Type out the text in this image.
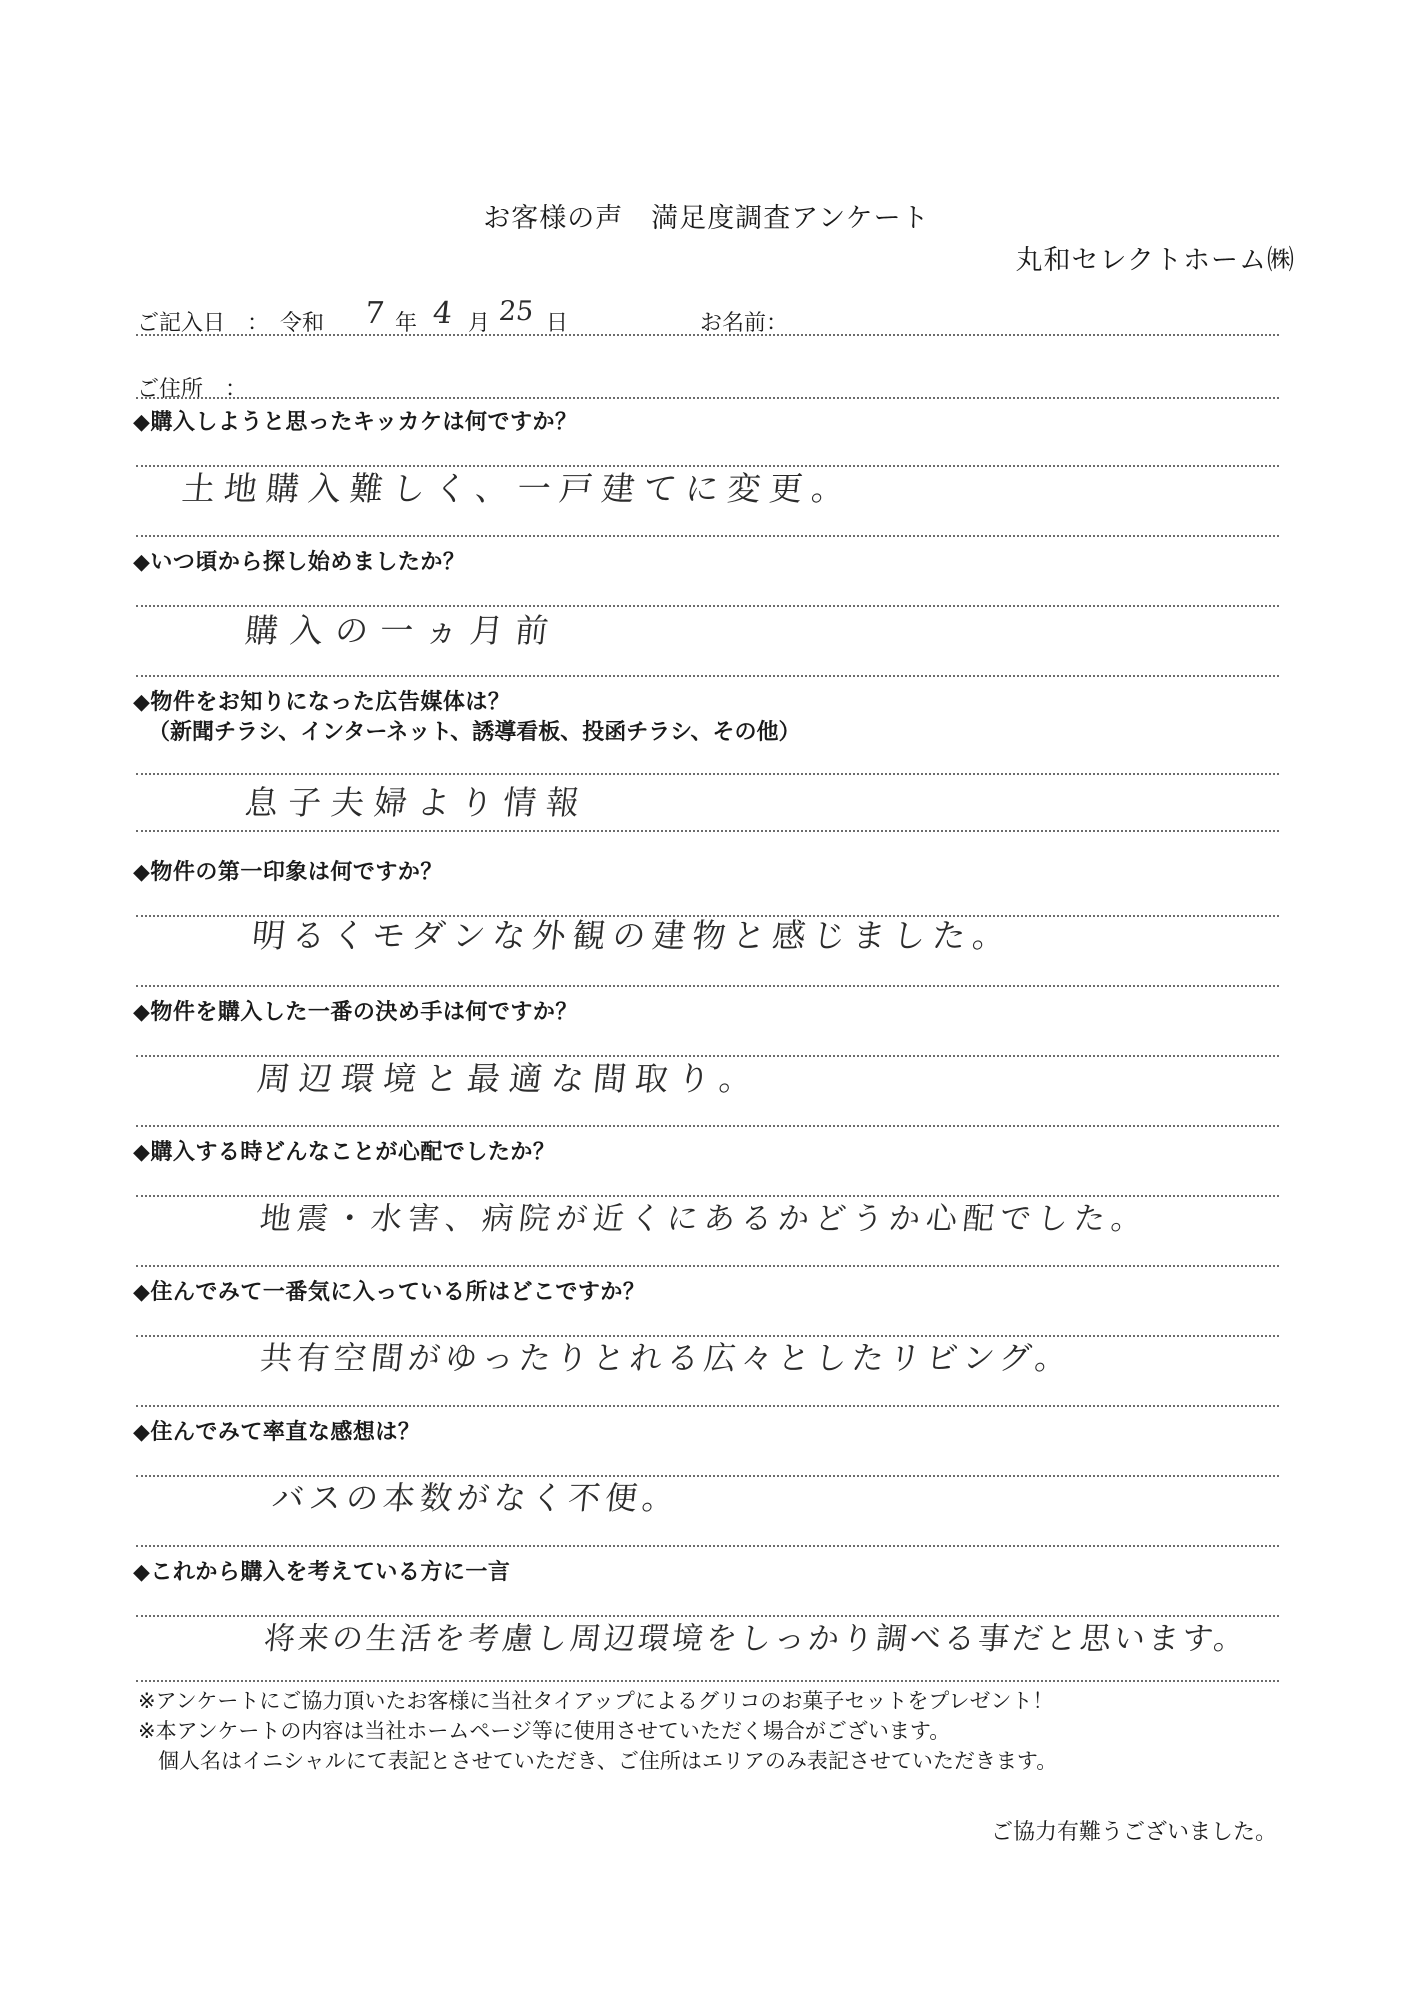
お客様の声　満足度調査アンケート
丸和セレクトホーム㈱
ご記入日　：　令和 7 年 4 月 25 日	お名前：
ご住所　：
◆購入しようと思ったキッカケは何ですか？
土地購入難しく、一戸建てに変更。
◆いつ頃から探し始めましたか？
購入の一ヵ月前
◆物件をお知りになった広告媒体は？
（新聞チラシ、インターネット、誘導看板、投函チラシ、その他）
息子夫婦より情報
◆物件の第一印象は何ですか？
明るくモダンな外観の建物と感じました。
◆物件を購入した一番の決め手は何ですか？
周辺環境と最適な間取り。
◆購入する時どんなことが心配でしたか？
地震・水害、病院が近くにあるかどうか心配でした。
◆住んでみて一番気に入っている所はどこですか？
共有空間がゆったりとれる広々としたリビング。
◆住んでみて率直な感想は？
バスの本数がなく不便。
◆これから購入を考えている方に一言
将来の生活を考慮し周辺環境をしっかり調べる事だと思います。
※アンケートにご協力頂いたお客様に当社タイアップによるグリコのお菓子セットをプレゼント！
※本アンケートの内容は当社ホームページ等に使用させていただく場合がございます。
個人名はイニシャルにて表記とさせていただき、ご住所はエリアのみ表記させていただきます。
ご協力有難うございました。
